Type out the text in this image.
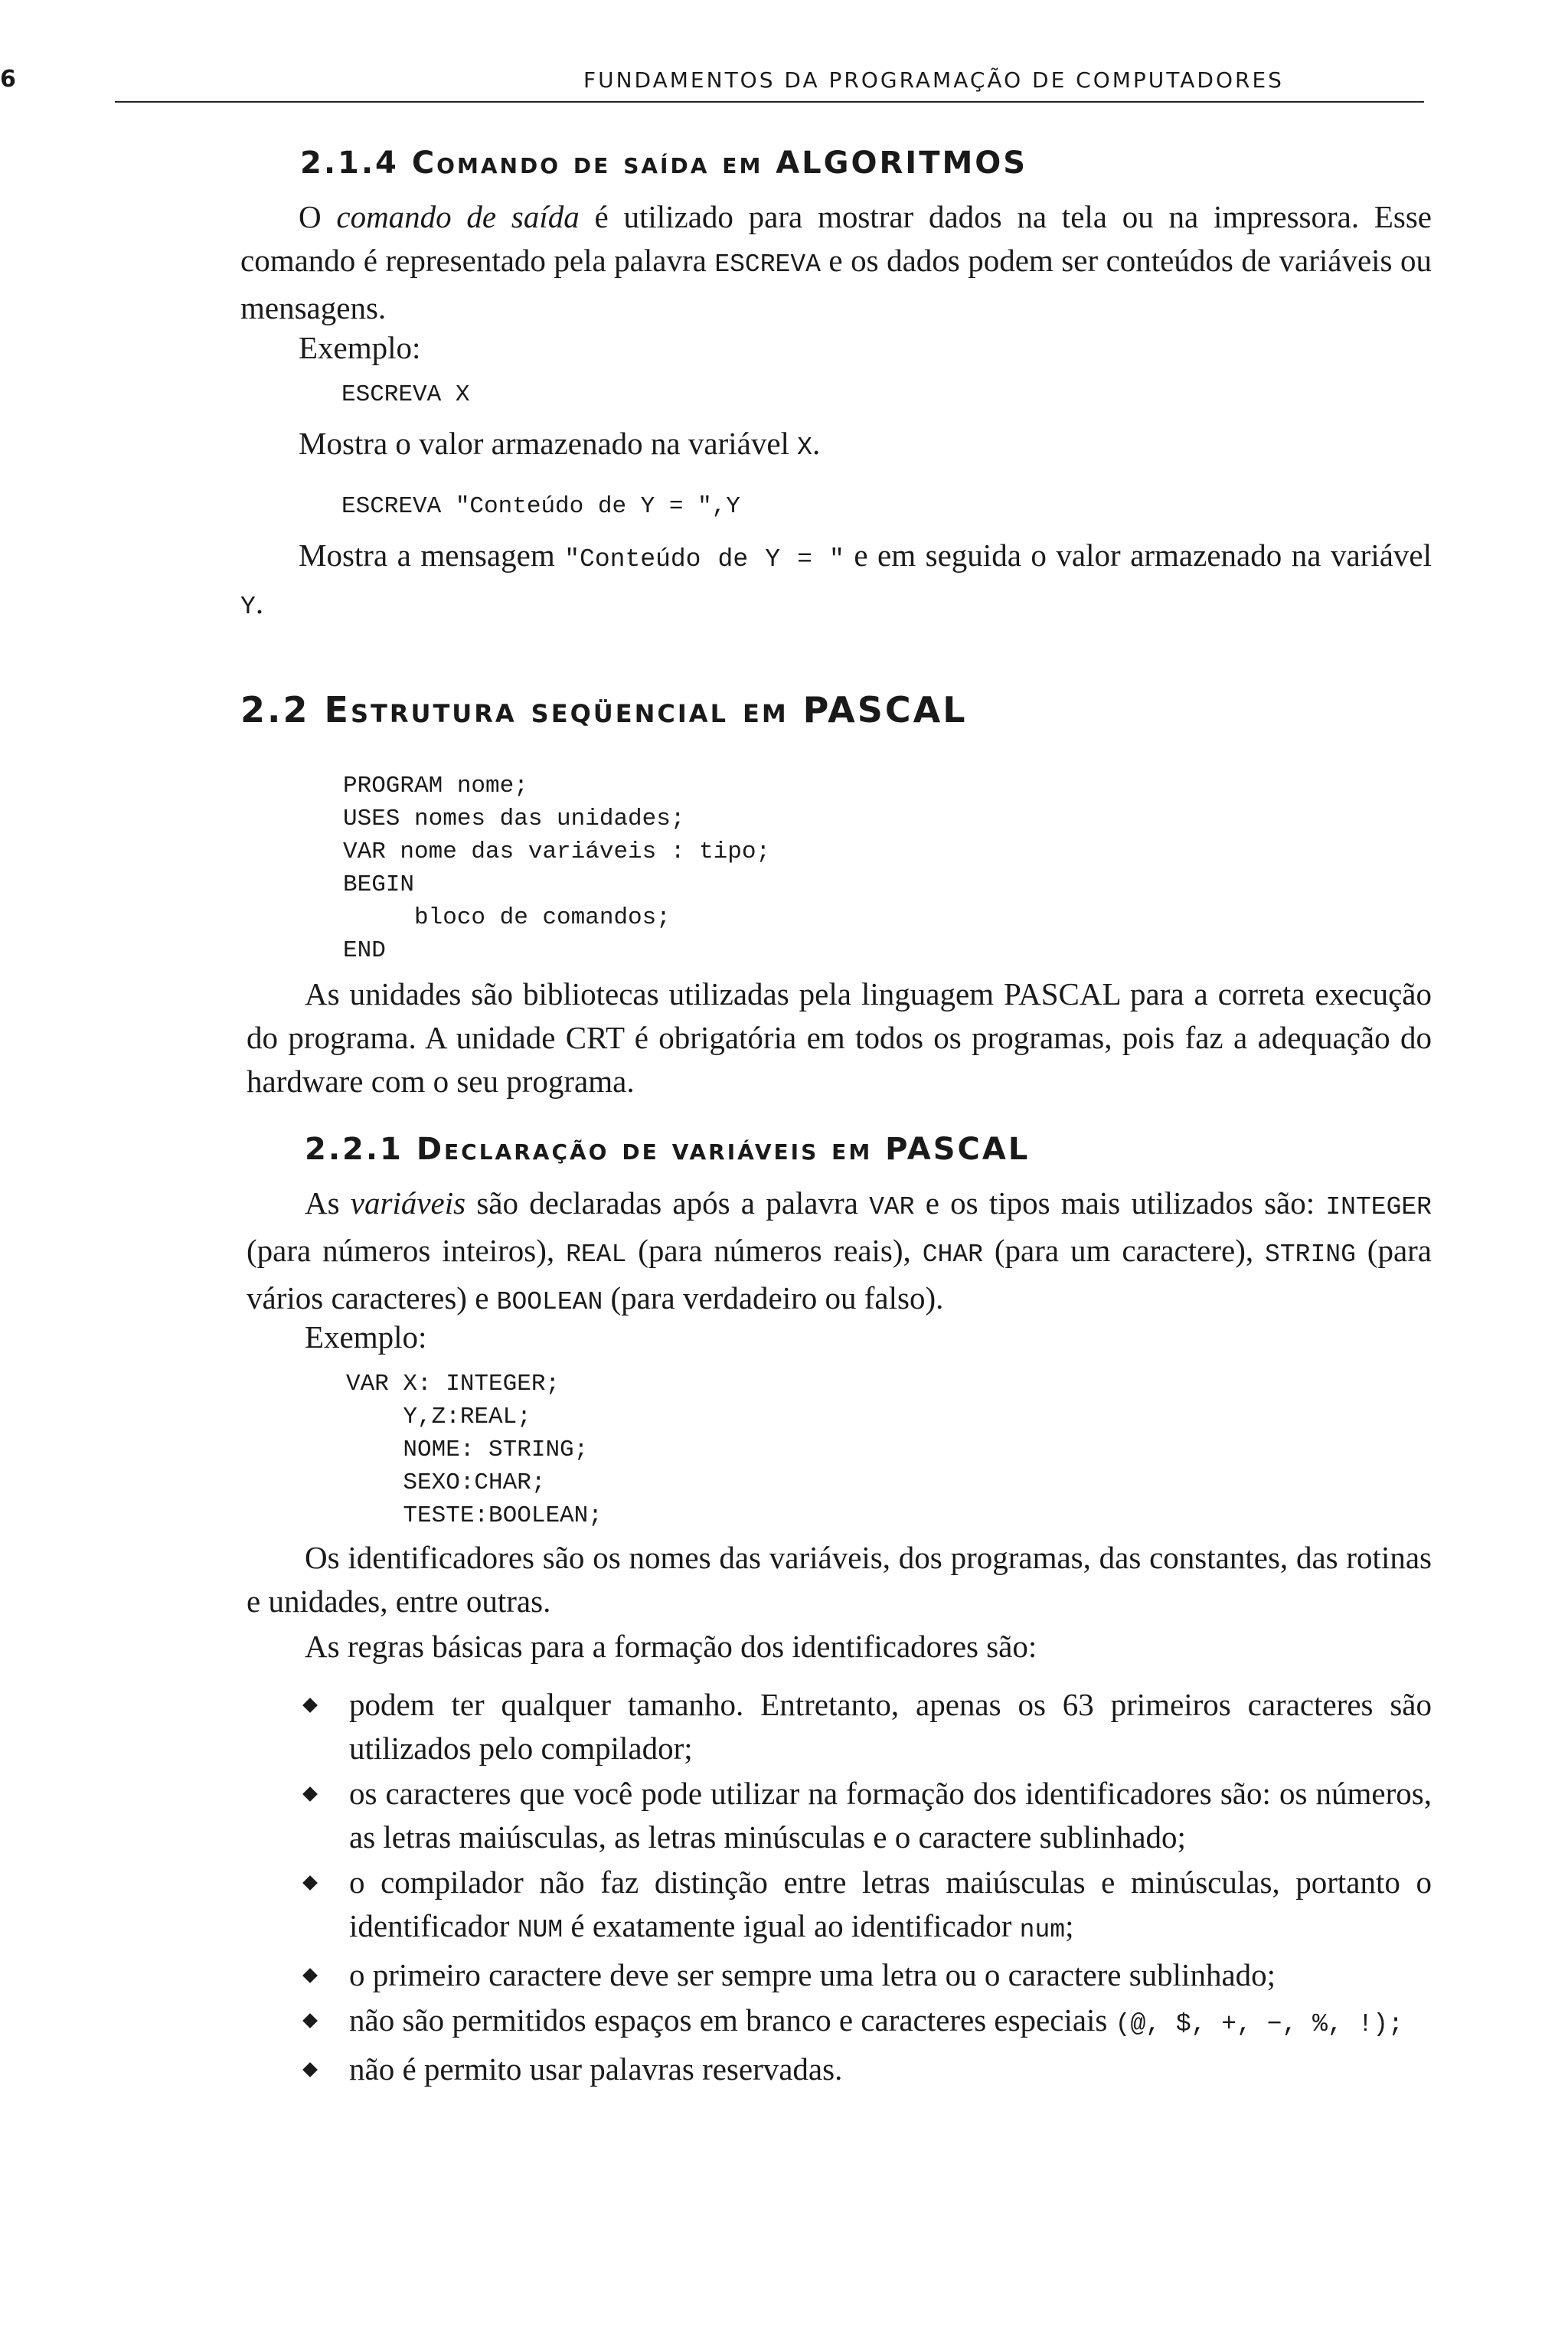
6	FUNDAMENTOS DA PROGRAMAÇÃO DE COMPUTADORES
2.1.4 Comando de saída em ALGORITMOS

O comando de saída é utilizado para mostrar dados na tela ou na impressora. Esse comando é representado pela palavra ESCREVA e os dados podem ser conteúdos de variáveis ou mensagens.

Exemplo:

ESCREVA X

Mostra o valor armazenado na variável X.

ESCREVA "Conteúdo de Y = ",Y

Mostra a mensagem "Conteúdo de Y = " e em seguida o valor armazenado na variável Y.

2.2 Estrutura seqüencial em PASCAL
PROGRAM nome;
USES nomes das unidades;
VAR nome das variáveis : tipo;
BEGIN
bloco de comandos;
END

As unidades são bibliotecas utilizadas pela linguagem PASCAL para a correta execução do programa. A unidade CRT é obrigatória em todos os programas, pois faz a adequação do hardware com o seu programa.

2.2.1 Declaração de variáveis em PASCAL

As variáveis são declaradas após a palavra VAR e os tipos mais utilizados são: INTEGER (para números inteiros), REAL (para números reais), CHAR (para um caractere), STRING (para vários caracteres) e BOOLEAN (para verdadeiro ou falso).

Exemplo:

VAR X: INTEGER;
Y,Z:REAL;
NOME: STRING;
SEXO:CHAR;
TESTE:BOOLEAN;

Os identificadores são os nomes das variáveis, dos programas, das constantes, das rotinas e unidades, entre outras.

As regras básicas para a formação dos identificadores são:

podem ter qualquer tamanho. Entretanto, apenas os 63 primeiros caracteres são utilizados pelo compilador;
os caracteres que você pode utilizar na formação dos identificadores são: os números, as letras maiúsculas, as letras minúsculas e o caractere sublinhado;
o compilador não faz distinção entre letras maiúsculas e minúsculas, portanto o identificador NUM é exatamente igual ao identificador num;
o primeiro caractere deve ser sempre uma letra ou o caractere sublinhado;
não são permitidos espaços em branco e caracteres especiais (@, $, +, −, %, !);
não é permito usar palavras reservadas.
